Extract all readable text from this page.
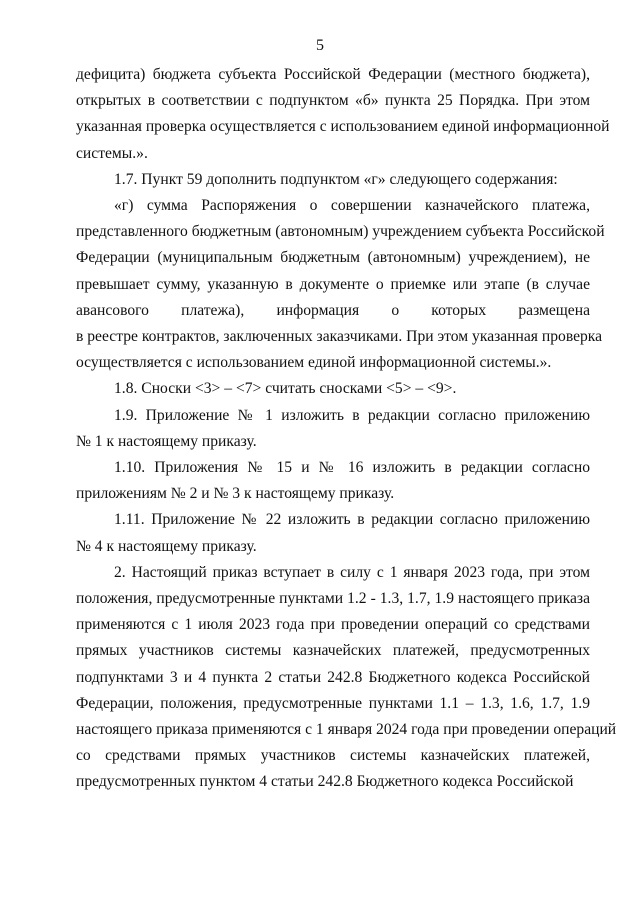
5
дефицита) бюджета субъекта Российской Федерации (местного бюджета),
открытых в соответствии с подпунктом «б» пункта 25 Порядка. При этом
указанная проверка осуществляется с использованием единой информационной
системы.».
1.7. Пункт 59 дополнить подпунктом «г» следующего содержания:
«г) сумма Распоряжения о совершении казначейского платежа,
представленного бюджетным (автономным) учреждением субъекта Российской
Федерации (муниципальным бюджетным (автономным) учреждением), не
превышает сумму, указанную в документе о приемке или этапе (в случае
авансового платежа), информация о которых размещена
в реестре контрактов, заключенных заказчиками. При этом указанная проверка
осуществляется с использованием единой информационной системы.».
1.8. Сноски <3> – <7> считать сносками <5> – <9>.
1.9. Приложение № 1 изложить в редакции согласно приложению
№ 1 к настоящему приказу.
1.10. Приложения № 15 и № 16 изложить в редакции согласно
приложениям № 2 и № 3 к настоящему приказу.
1.11. Приложение № 22 изложить в редакции согласно приложению
№ 4 к настоящему приказу.
2. Настоящий приказ вступает в силу с 1 января 2023 года, при этом
положения, предусмотренные пунктами 1.2 - 1.3, 1.7, 1.9 настоящего приказа
применяются с 1 июля 2023 года при проведении операций со средствами
прямых участников системы казначейских платежей, предусмотренных
подпунктами 3 и 4 пункта 2 статьи 242.8 Бюджетного кодекса Российской
Федерации, положения, предусмотренные пунктами 1.1 – 1.3, 1.6, 1.7, 1.9
настоящего приказа применяются с 1 января 2024 года при проведении операций
со средствами прямых участников системы казначейских платежей,
предусмотренных пунктом 4 статьи 242.8 Бюджетного кодекса Российской
